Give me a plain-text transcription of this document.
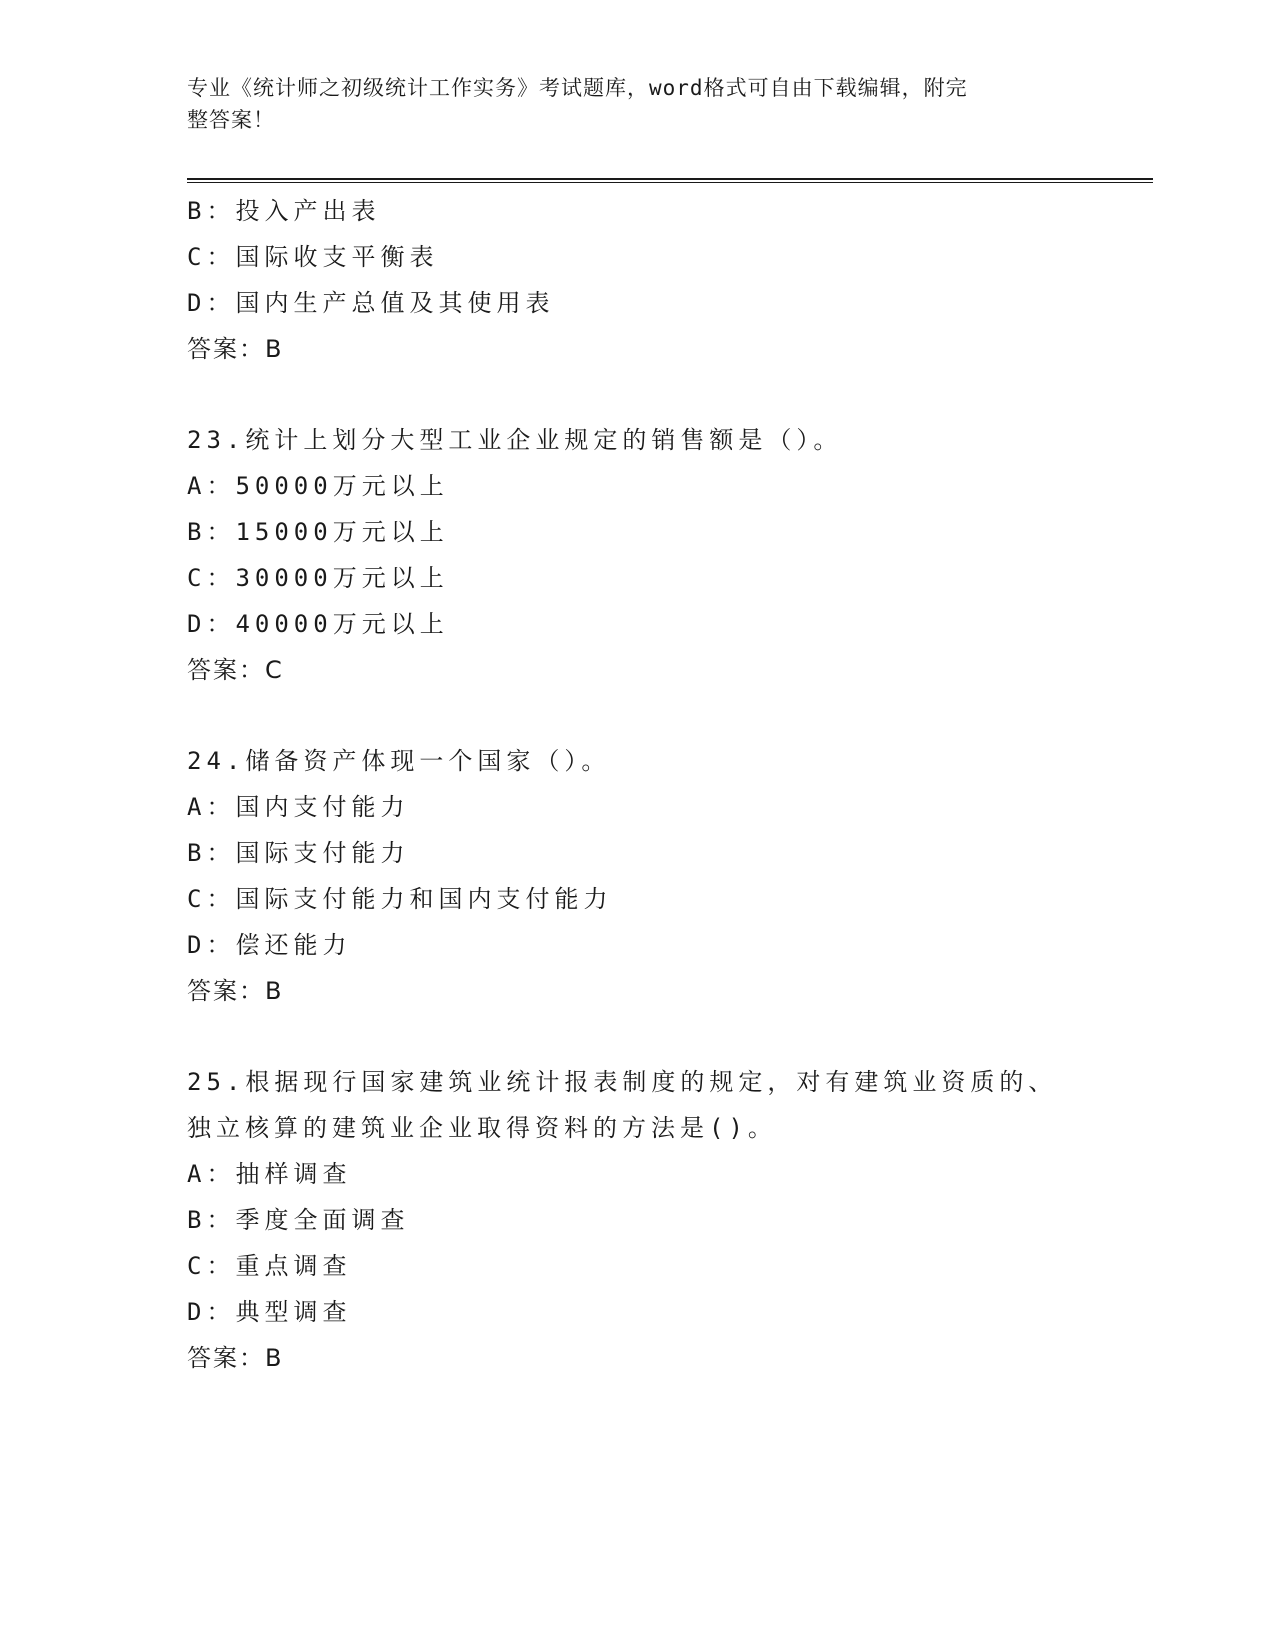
专业《统计师之初级统计工作实务》考试题库，word格式可自由下载编辑，附完
整答案！
B：投入产出表
C：国际收支平衡表
D：国内生产总值及其使用表
答案：B
23.统计上划分大型工业企业规定的销售额是（）。
A：50000万元以上
B：15000万元以上
C：30000万元以上
D：40000万元以上
答案：C
24.储备资产体现一个国家（）。
A：国内支付能力
B：国际支付能力
C：国际支付能力和国内支付能力
D：偿还能力
答案：B
25.根据现行国家建筑业统计报表制度的规定，对有建筑业资质的、独立核算的建筑业企业取得资料的方法是()。
A：抽样调查
B：季度全面调查
C：重点调查
D：典型调查
答案：B
